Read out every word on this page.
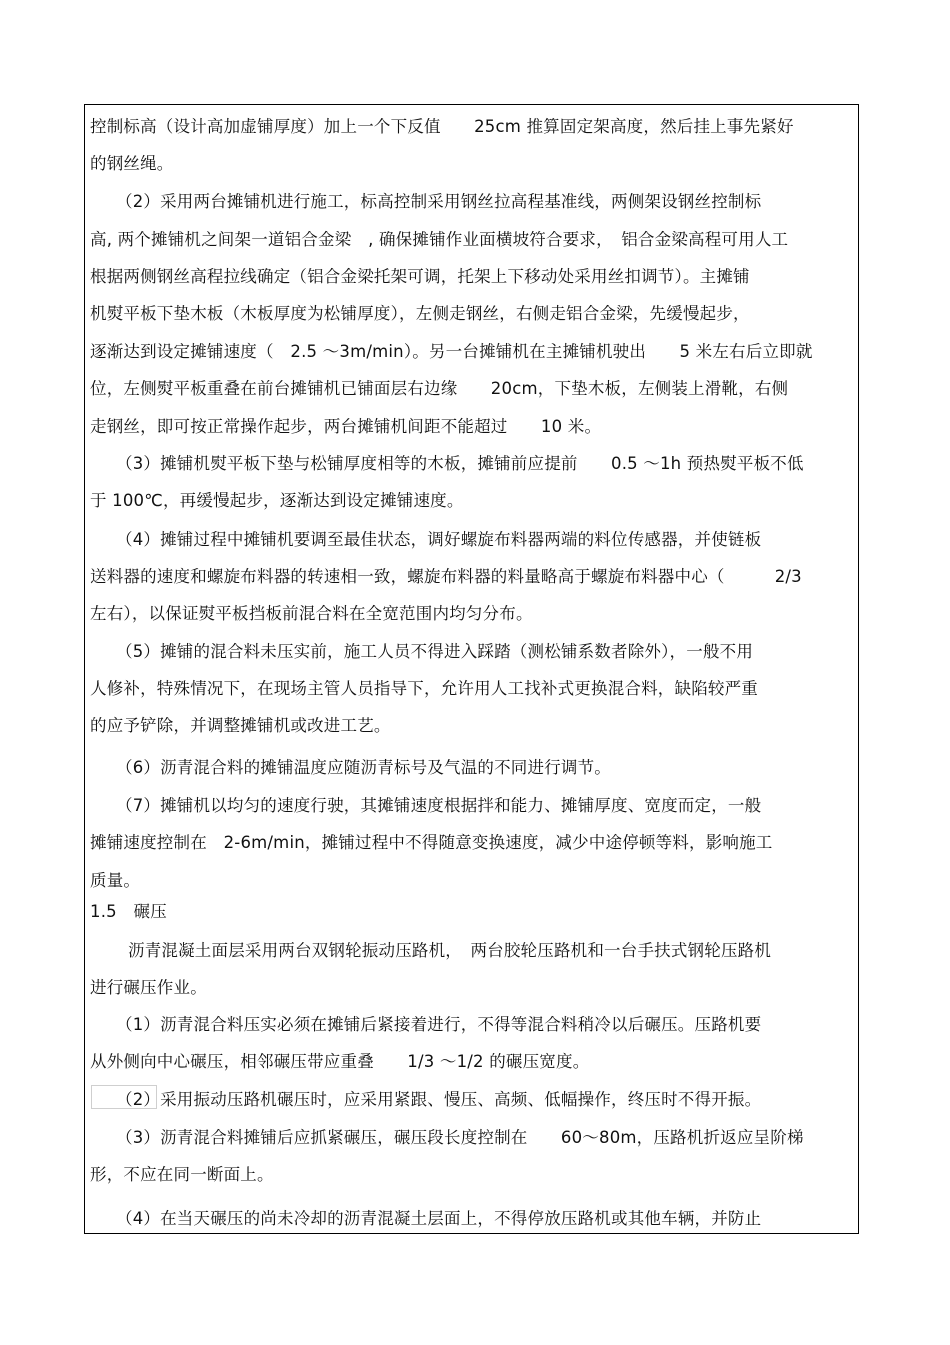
控制标高（设计高加虚铺厚度）加上一个下反值　　25cm 推算固定架高度，然后挂上事先紧好
的钢丝绳。
（2）采用两台摊铺机进行施工，标高控制采用钢丝拉高程基准线，两侧架设钢丝控制标
高, 两个摊铺机之间架一道铝合金梁　, 确保摊铺作业面横坡符合要求，　铝合金梁高程可用人工
根据两侧钢丝高程拉线确定（铝合金梁托架可调，托架上下移动处采用丝扣调节）。主摊铺
机熨平板下垫木板（木板厚度为松铺厚度），左侧走钢丝，右侧走铝合金梁，先缓慢起步，
逐渐达到设定摊铺速度（　2.5 ～3m/min）。另一台摊铺机在主摊铺机驶出　　5 米左右后立即就
位，左侧熨平板重叠在前台摊铺机已铺面层右边缘　　20cm，下垫木板，左侧装上滑靴，右侧
走钢丝，即可按正常操作起步，两台摊铺机间距不能超过　　10 米。
（3）摊铺机熨平板下垫与松铺厚度相等的木板，摊铺前应提前　　0.5 ～1h 预热熨平板不低
于 100℃，再缓慢起步，逐渐达到设定摊铺速度。
（4）摊铺过程中摊铺机要调至最佳状态，调好螺旋布料器两端的料位传感器，并使链板
送料器的速度和螺旋布料器的转速相一致，螺旋布料器的料量略高于螺旋布料器中心（　　　2/3
左右），以保证熨平板挡板前混合料在全宽范围内均匀分布。
（5）摊铺的混合料未压实前，施工人员不得进入踩踏（测松铺系数者除外），一般不用
人修补，特殊情况下，在现场主管人员指导下，允许用人工找补式更换混合料，缺陷较严重
的应予铲除，并调整摊铺机或改进工艺。
（6）沥青混合料的摊铺温度应随沥青标号及气温的不同进行调节。
（7）摊铺机以均匀的速度行驶，其摊铺速度根据拌和能力、摊铺厚度、宽度而定，一般
摊铺速度控制在　2-6m/min，摊铺过程中不得随意变换速度，减少中途停顿等料，影响施工
质量。
1.5　碾压
沥青混凝土面层采用两台双钢轮振动压路机，　两台胶轮压路机和一台手扶式钢轮压路机
进行碾压作业。
（1）沥青混合料压实必须在摊铺后紧接着进行，不得等混合料稍冷以后碾压。压路机要
从外侧向中心碾压，相邻碾压带应重叠　　1/3 ～1/2 的碾压宽度。
（2）采用振动压路机碾压时，应采用紧跟、慢压、高频、低幅操作，终压时不得开振。
（3）沥青混合料摊铺后应抓紧碾压，碾压段长度控制在　　60～80m，压路机折返应呈阶梯
形，不应在同一断面上。
（4）在当天碾压的尚未冷却的沥青混凝土层面上，不得停放压路机或其他车辆，并防止
